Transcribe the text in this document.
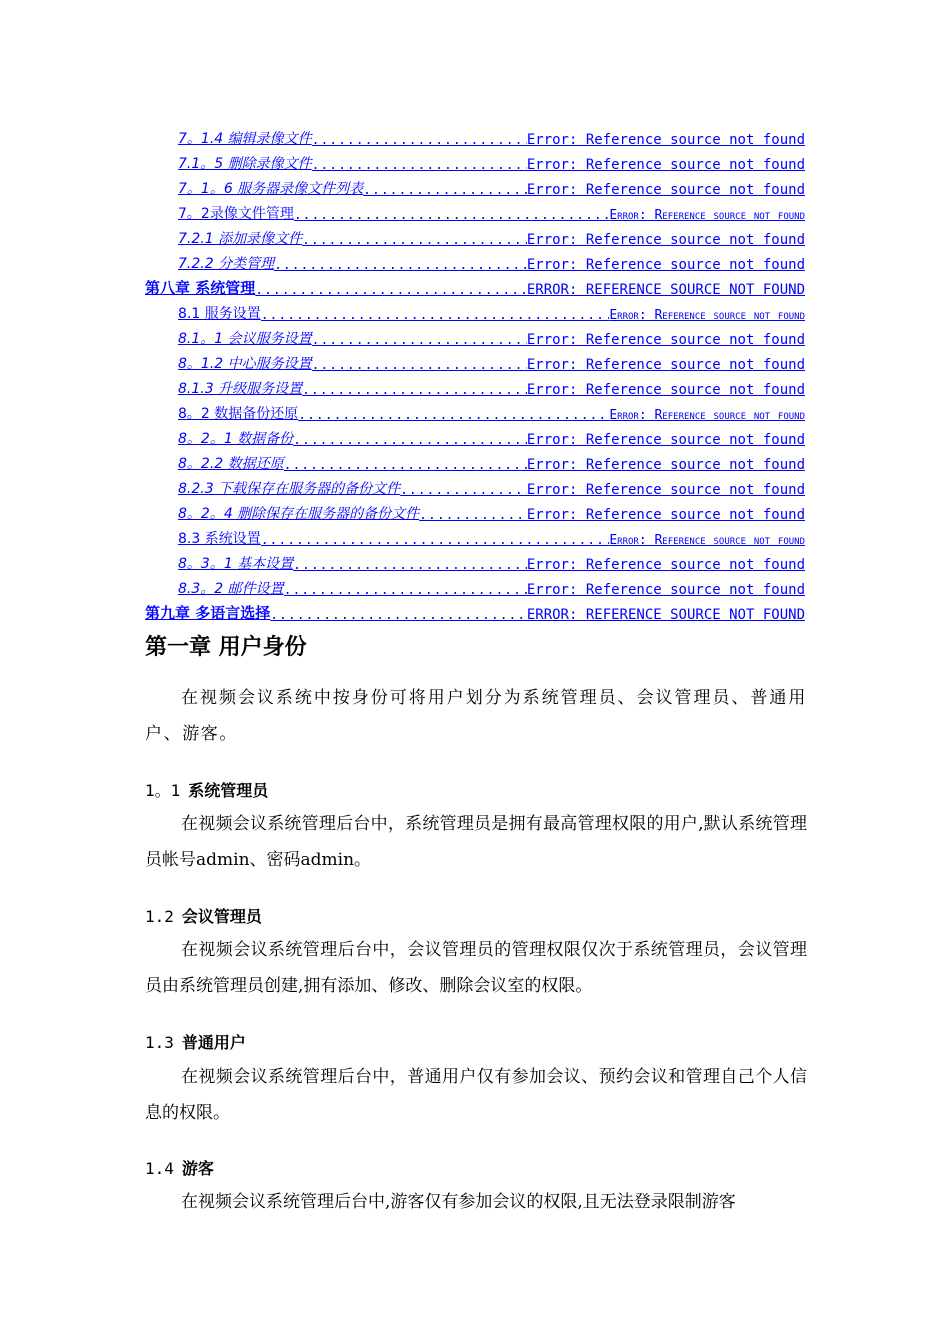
7。1.4 编辑录像文件 .....	Error: Reference source not found
7.1。5 删除录像文件 .....	Error: Reference source not found
7。1。6 服务器录像文件列表 .....	Error: Reference source not found
7。2录像文件管理 .....	Error: Reference source not found
7.2.1 添加录像文件 .....	Error: Reference source not found
7.2.2 分类管理 .....	Error: Reference source not found
第八章 系统管理 .....	ERROR: REFERENCE SOURCE NOT FOUND
8.1 服务设置 .....	Error: Reference source not found
8.1。1 会议服务设置 .....	Error: Reference source not found
8。1.2 中心服务设置 .....	Error: Reference source not found
8.1.3 升级服务设置 .....	Error: Reference source not found
8。2 数据备份还原 .....	Error: Reference source not found
8。2。1 数据备份 .....	Error: Reference source not found
8。2.2 数据还原 .....	Error: Reference source not found
8.2.3 下载保存在服务器的备份文件 .....	Error: Reference source not found
8。2。4 删除保存在服务器的备份文件 .....	Error: Reference source not found
8.3 系统设置 .....	Error: Reference source not found
8。3。1 基本设置 .....	Error: Reference source not found
8.3。2 邮件设置 .....	Error: Reference source not found
第九章 多语言选择 .....	ERROR: REFERENCE SOURCE NOT FOUND
第一章 用户身份
在视频会议系统中按身份可将用户划分为系统管理员、会议管理员、普通用户、游客。
1。1 系统管理员
在视频会议系统管理后台中，系统管理员是拥有最高管理权限的用户,默认系统管理员帐号admin、密码admin。
1.2 会议管理员
在视频会议系统管理后台中，会议管理员的管理权限仅次于系统管理员，会议管理员由系统管理员创建,拥有添加、修改、删除会议室的权限。
1.3 普通用户
在视频会议系统管理后台中，普通用户仅有参加会议、预约会议和管理自己个人信息的权限。
1.4 游客
在视频会议系统管理后台中,游客仅有参加会议的权限,且无法登录限制游客
